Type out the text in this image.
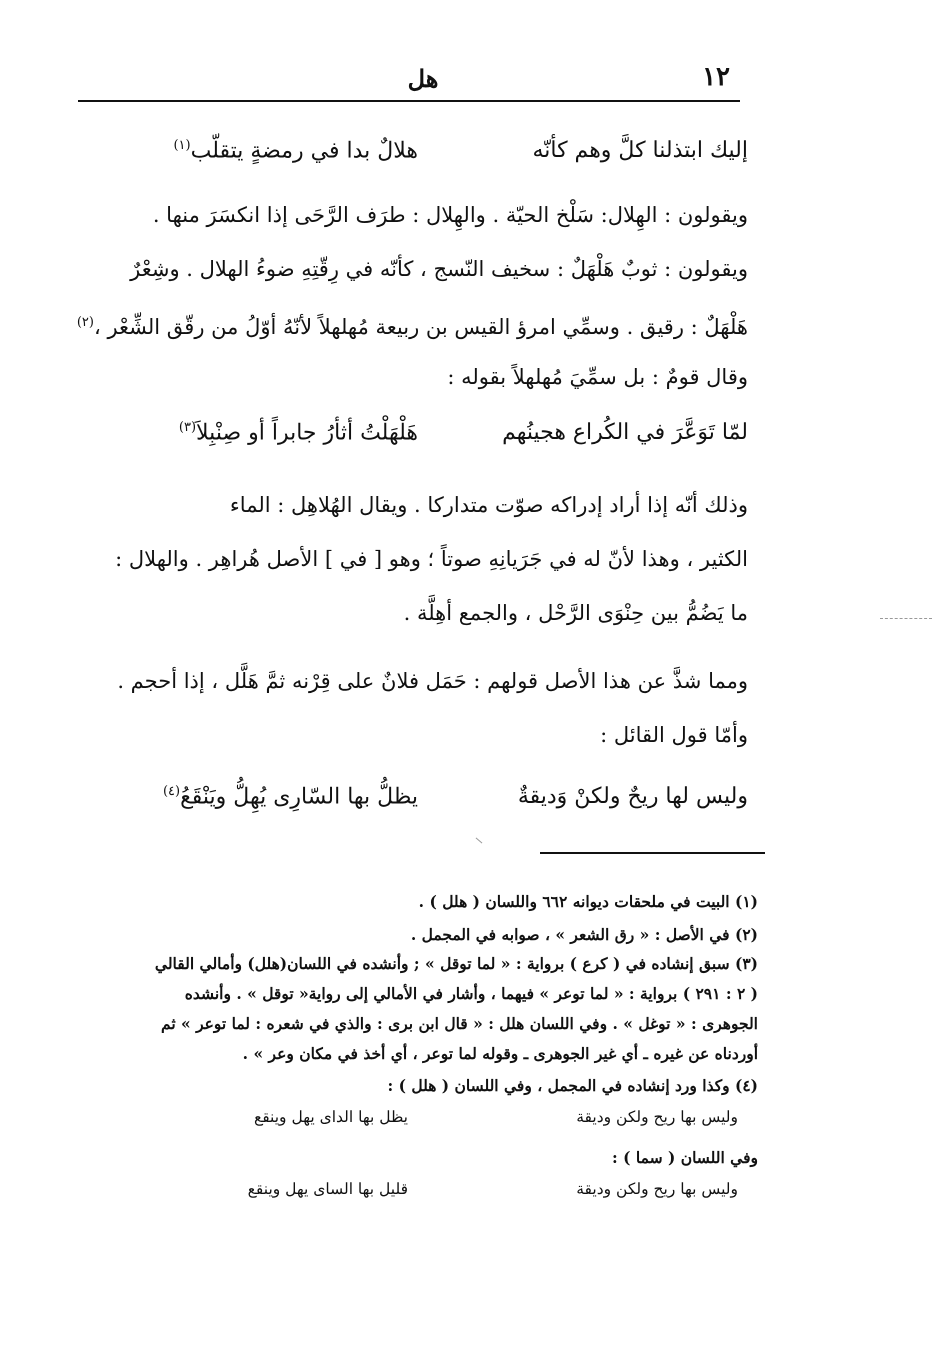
١٢
هل
إليك ابتذلنا كلَّ وهم كأنّه
هلالٌ بدا في رمضةٍ يتقلّب$^{(١)}$
ويقولون : الهِلال: سَلْخ الحيّة . والهِلال : طرَف الرَّحَى إذا انكسَرَ منها .
ويقولون : ثوبٌ هَلْهَلٌ : سخيف النّسج ، كأنّه في رِقّتِهِ ضوءُ الهلال . وشِعْرٌ
هَلْهَلٌ : رقيق . وسمِّي امرؤ القيس بن ربيعة مُهلهلاً لأنّهُ أوّلُ من رقّق الشِّعْر ،$^{(٢)}$
وقال قومٌ : بل سمِّيَ مُهلهلاً بقوله :
لمّا تَوَعَّرَ في الكُراع هجينُهم
هَلْهَلْتُ أثأرُ جابراً أو صِنْبِلاَ$^{(٣)}$
وذلك أنّه إذا أراد إدراكه صوّت متداركا . ويقال الهُلاهِل : الماء
الكثير ، وهذا لأنّ له في جَرَيانِهِ صوتاً ؛ وهو [ في ] الأصل هُراهِر . والهلال :
ما يَضُمُّ بين حِنْوَى الرَّحْل ، والجمع أهِلَّة .
ومما شذَّ عن هذا الأصل قولهم : حَمَل فلانٌ على قِرْنه ثمَّ هَلَّل ، إذا أحجم .
وأمّا قول القائل :
وليس لها ريحٌ ولكنْ وَديقةٌ
يظلُّ بها السّارِى يُهِلُّ ويَنْقَعُ$^{(٤)}$
(١) البيت في ملحقات ديوانه ٦٦٢ واللسان ( هلل ) .
(٢) في الأصل : « رق الشعر » ، صوابه في المجمل .
(٣) سبق إنشاده في ( كرع ) برواية : « لما توقل » ; وأنشده في اللسان(هلل) وأمالي القالي
( ٢ : ٢٩١ ) برواية : « لما توعر » فيهما ، وأشار في الأمالي إلى رواية« توقل » . وأنشده
الجوهرى : « توغل » . وفي اللسان هلل : « قال ابن برى : والذي في شعره : لما توعر » ثم
أوردناه عن غيره ـ أي غير الجوهرى ـ وقوله لما توعر ، أي أخذ في مكان وعر » .
(٤) وكذا ورد إنشاده في المجمل ، وفي اللسان ( هلل ) :
وليس بها ريح ولكن وديقة
يظل بها الداى يهل وينقع
وفي اللسان ( سما ) :
وليس بها ريح ولكن وديقة
قليل بها الساى يهل وينقع
